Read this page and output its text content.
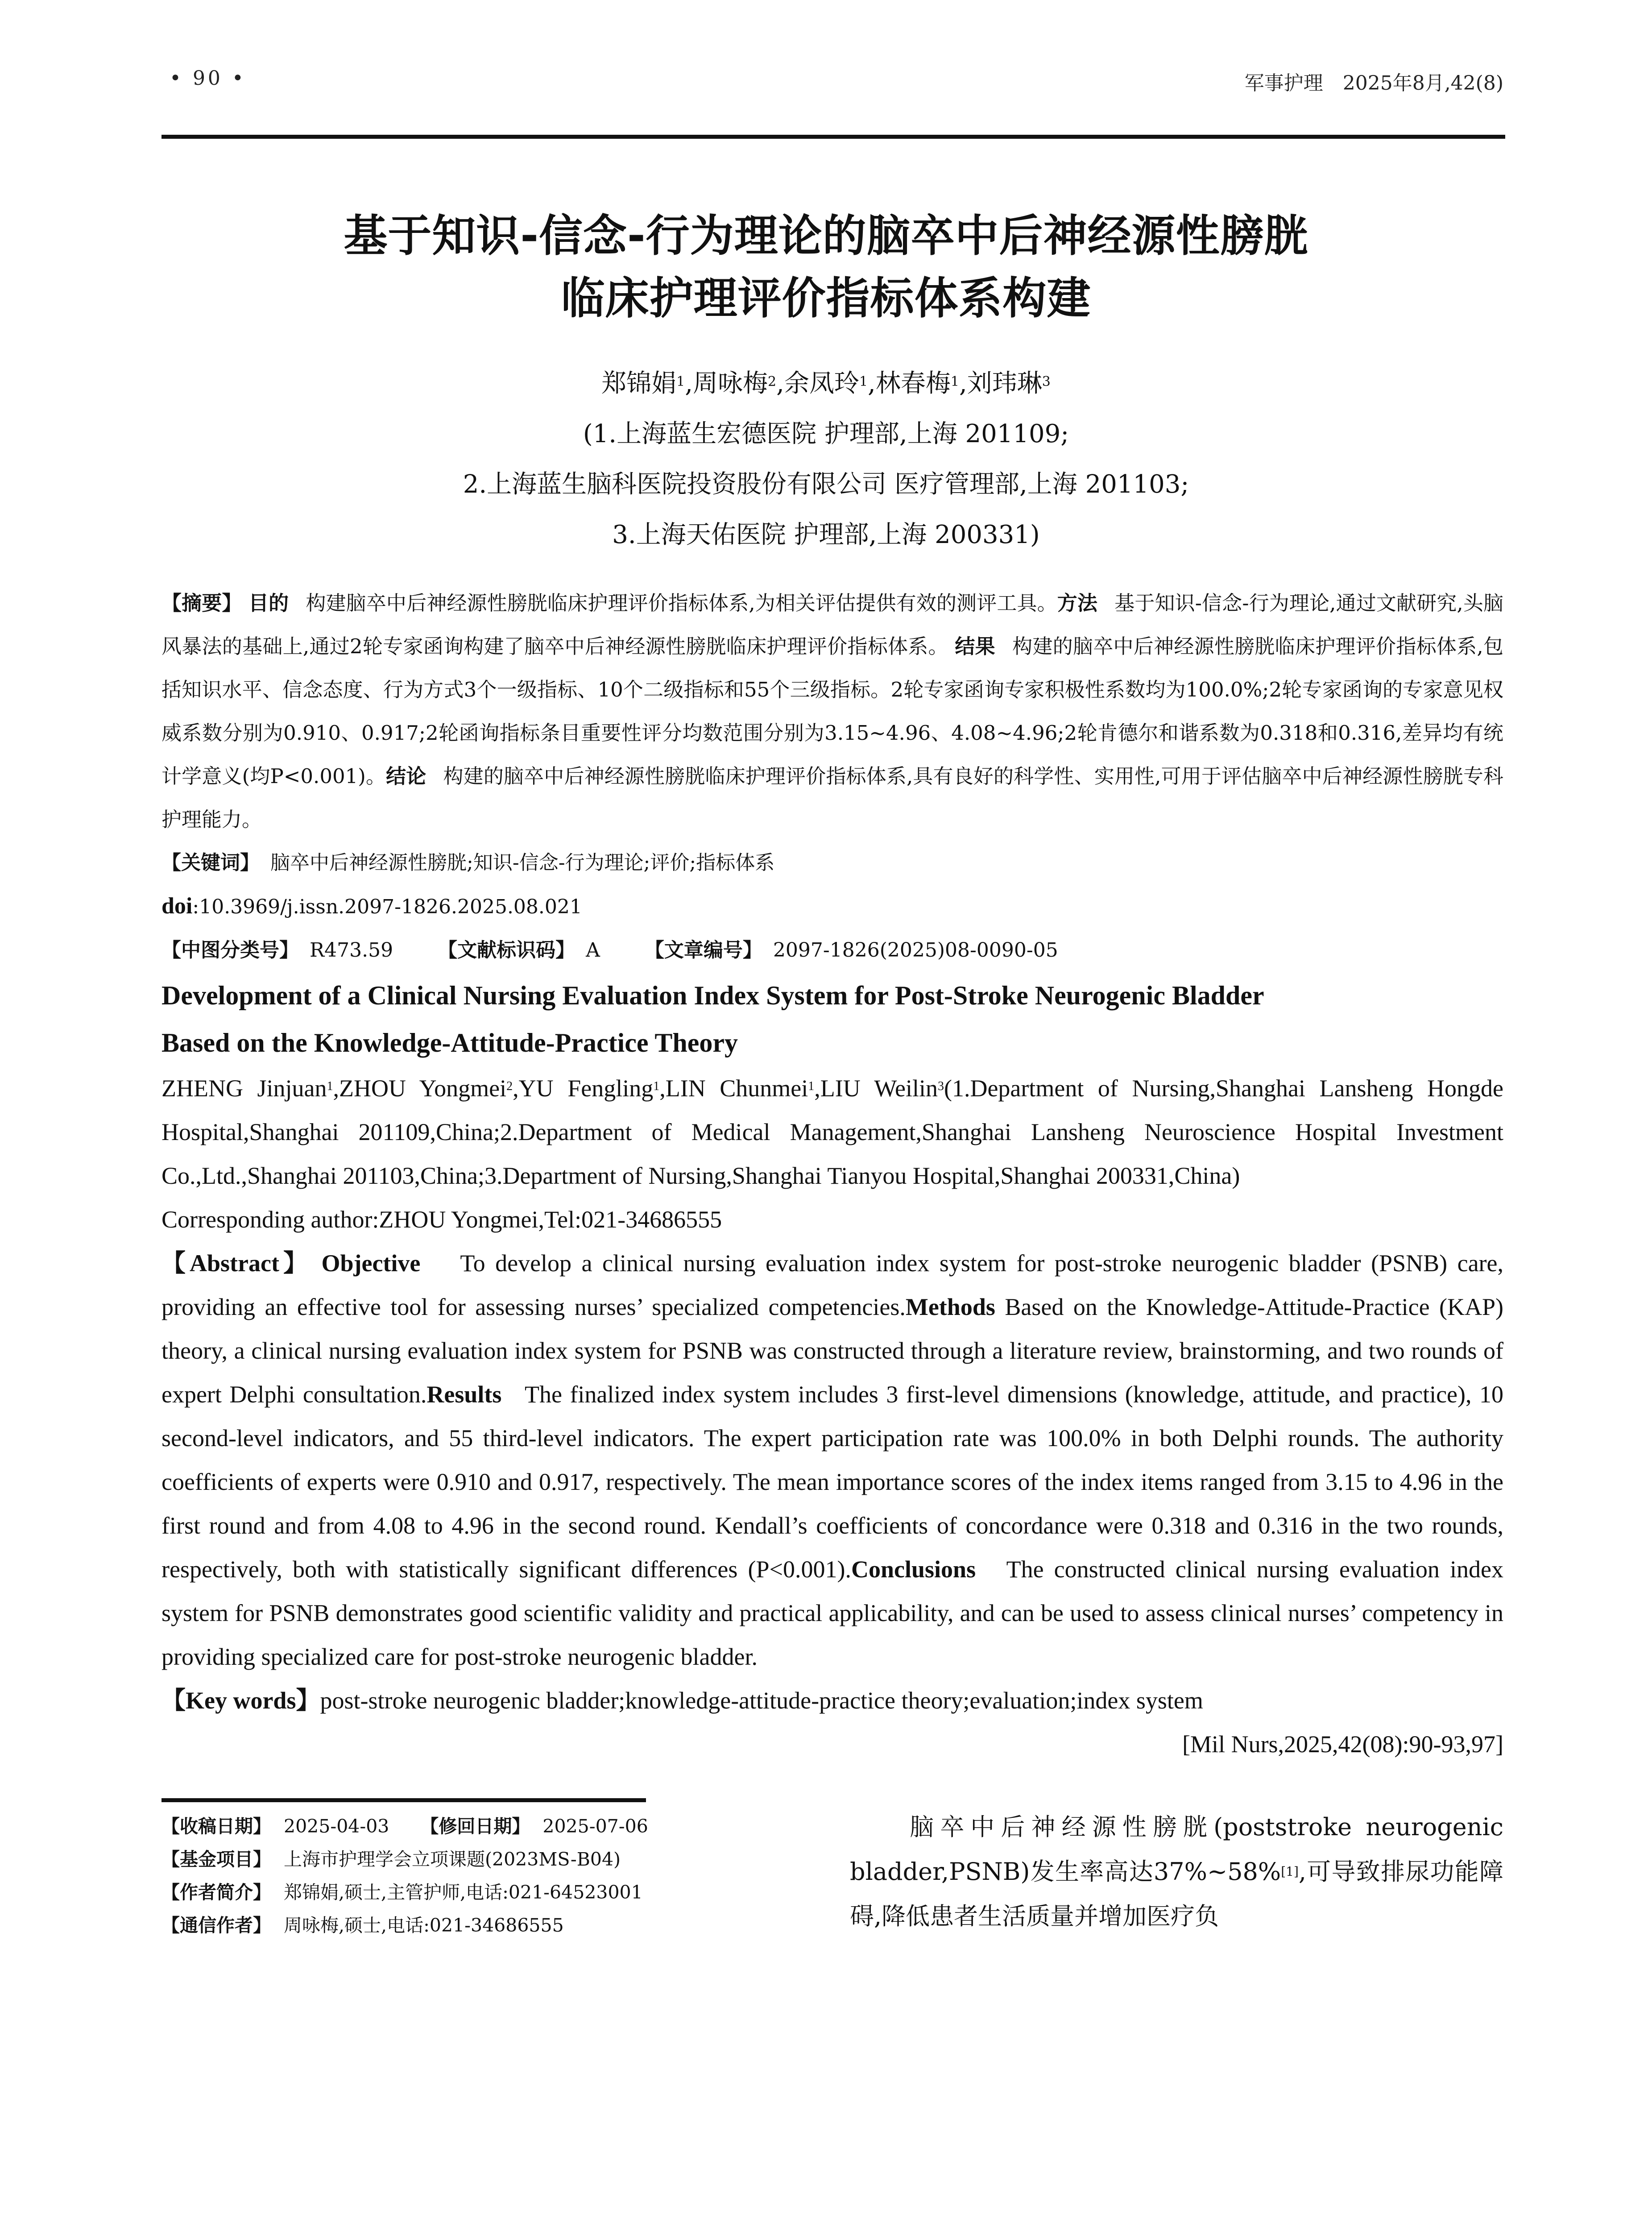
• 90 •	军事护理　2025年8月,42(8)
基于知识-信念-行为理论的脑卒中后神经源性膀胱
临床护理评价指标体系构建
郑锦娟$^1$,周咏梅$^2$,余凤玲$^1$,林春梅$^1$,刘玮琳$^3$
(1.上海蓝生宏德医院 护理部,上海 201109;
2.上海蓝生脑科医院投资股份有限公司 医疗管理部,上海 201103;
3.上海天佑医院 护理部,上海 200331)
【摘要】 目的 构建脑卒中后神经源性膀胱临床护理评价指标体系,为相关评估提供有效的测评工具。方法 基于知识-信念-行为理论,通过文献研究,头脑风暴法的基础上,通过2轮专家函询构建了脑卒中后神经源性膀胱临床护理评价指标体系。 结果 构建的脑卒中后神经源性膀胱临床护理评价指标体系,包括知识水平、信念态度、行为方式3个一级指标、10个二级指标和55个三级指标。2轮专家函询专家积极性系数均为100.0%;2轮专家函询的专家意见权威系数分别为0.910、0.917;2轮函询指标条目重要性评分均数范围分别为3.15~4.96、4.08~4.96;2轮肯德尔和谐系数为0.318和0.316,差异均有统计学意义(均P<0.001)。结论 构建的脑卒中后神经源性膀胱临床护理评价指标体系,具有良好的科学性、实用性,可用于评估脑卒中后神经源性膀胱专科护理能力。
【关键词】 脑卒中后神经源性膀胱;知识-信念-行为理论;评价;指标体系
doi:10.3969/j.issn.2097-1826.2025.08.021
【中图分类号】 R473.59 【文献标识码】 A 【文章编号】 2097-1826(2025)08-0090-05
Development of a Clinical Nursing Evaluation Index System for Post-Stroke Neurogenic Bladder
Based on the Knowledge-Attitude-Practice Theory
ZHENG Jinjuan$^1$,ZHOU Yongmei$^2$,YU Fengling$^1$,LIN Chunmei$^1$,LIU Weilin$^3$(1.Department of Nursing,Shanghai Lansheng Hongde Hospital,Shanghai 201109,China;2.Department of Medical Management,Shanghai Lansheng Neuroscience Hospital Investment Co.,Ltd.,Shanghai 201103,China;3.Department of Nursing,Shanghai Tianyou Hospital,Shanghai 200331,China)
Corresponding author:ZHOU Yongmei,Tel:021-34686555
【Abstract】 Objective To develop a clinical nursing evaluation index system for post-stroke neurogenic bladder (PSNB) care, providing an effective tool for assessing nurses’ specialized competencies.Methods Based on the Knowledge-Attitude-Practice (KAP) theory, a clinical nursing evaluation index system for PSNB was constructed through a literature review, brainstorming, and two rounds of expert Delphi consultation.Results The finalized index system includes 3 first-level dimensions (knowledge, attitude, and practice), 10 second-level indicators, and 55 third-level indicators. The expert participation rate was 100.0% in both Delphi rounds. The authority coefficients of experts were 0.910 and 0.917, respectively. The mean importance scores of the index items ranged from 3.15 to 4.96 in the first round and from 4.08 to 4.96 in the second round. Kendall’s coefficients of concordance were 0.318 and 0.316 in the two rounds, respectively, both with statistically significant differences (P<0.001).Conclusions The constructed clinical nursing evaluation index system for PSNB demonstrates good scientific validity and practical applicability, and can be used to assess clinical nurses’ competency in providing specialized care for post-stroke neurogenic bladder.
【Key words】post-stroke neurogenic bladder;knowledge-attitude-practice theory;evaluation;index system
[Mil Nurs,2025,42(08):90-93,97]
【收稿日期】 2025-04-03 【修回日期】 2025-07-06
【基金项目】 上海市护理学会立项课题(2023MS-B04)
【作者简介】 郑锦娟,硕士,主管护师,电话:021-64523001
【通信作者】 周咏梅,硕士,电话:021-34686555
脑卒中后神经源性膀胱(poststroke neurogenic bladder,PSNB)发生率高达37%~58%[1],可导致排尿功能障碍,降低患者生活质量并增加医疗负
